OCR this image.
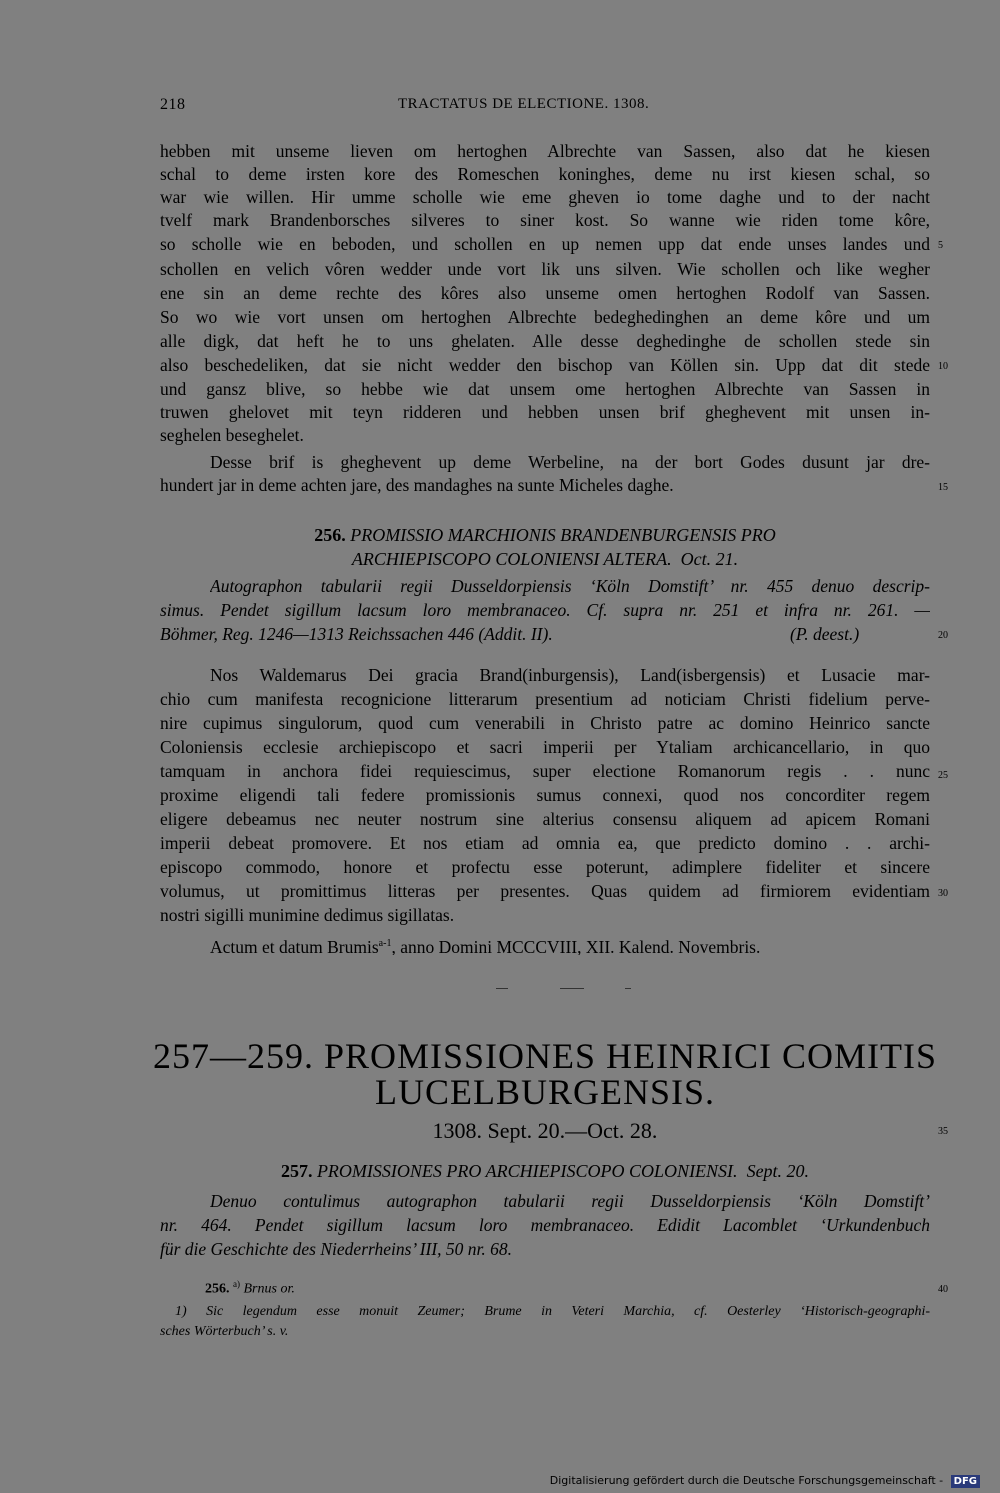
218	TRACTATUS DE ELECTIONE. 1308.
hebben mit unseme lieven om hertoghen Albrechte van Sassen, also dat he kiesen
schal to deme irsten kore des Romeschen koninghes, deme nu irst kiesen schal, so
war wie willen. Hir umme scholle wie eme gheven io tome daghe und to der nacht
tvelf mark Brandenborsches silveres to siner kost. So wanne wie riden tome kôre,
so scholle wie en beboden, und schollen en up nemen upp dat ende unses landes und
schollen en velich vôren wedder unde vort lik uns silven. Wie schollen och like wegher
ene sin an deme rechte des kôres also unseme omen hertoghen Rodolf van Sassen.
So wo wie vort unsen om hertoghen Albrechte bedeghedinghen an deme kôre und um
alle digk, dat heft he to uns ghelaten. Alle desse deghedinghe de schollen stede sin
also beschedeliken, dat sie nicht wedder den bischop van Köllen sin. Upp dat dit stede
und gansz blive, so hebbe wie dat unsem ome hertoghen Albrechte van Sassen in
truwen ghelovet mit teyn ridderen und hebben unsen brif gheghevent mit unsen in-
seghelen beseghelet.
Desse brif is gheghevent up deme Werbeline, na der bort Godes dusunt jar dre-
hundert jar in deme achten jare, des mandaghes na sunte Micheles daghe.
5
10
15
20
25
30
35
40
256. PROMISSIO MARCHIONIS BRANDENBURGENSIS PRO
ARCHIEPISCOPO COLONIENSI ALTERA. Oct. 21.
Autographon tabularii regii Dusseldorpiensis ‘Köln Domstift’ nr. 455 denuo descrip-
simus. Pendet sigillum lacsum loro membranaceo. Cf. supra nr. 251 et infra nr. 261. —
Böhmer, Reg. 1246—1313 Reichssachen 446 (Addit. II).	(P. deest.)
Nos Waldemarus Dei gracia Brand(inburgensis), Land(isbergensis) et Lusacie mar-
chio cum manifesta recognicione litterarum presentium ad noticiam Christi fidelium perve-
nire cupimus singulorum, quod cum venerabili in Christo patre ac domino Heinrico sancte
Coloniensis ecclesie archiepiscopo et sacri imperii per Ytaliam archicancellario, in quo
tamquam in anchora fidei requiescimus, super electione Romanorum regis . . nunc
proxime eligendi tali federe promissionis sumus connexi, quod nos concorditer regem
eligere debeamus nec neuter nostrum sine alterius consensu aliquem ad apicem Romani
imperii debeat promovere. Et nos etiam ad omnia ea, que predicto domino . . archi-
episcopo commodo, honore et profectu esse poterunt, adimplere fideliter et sincere
volumus, ut promittimus litteras per presentes. Quas quidem ad firmiorem evidentiam
nostri sigilli munimine dedimus sigillatas.
Actum et datum Brumis$^{a-1}$, anno Domini MCCCVIII, XII. Kalend. Novembris.
257—259. PROMISSIONES HEINRICI COMITIS
LUCELBURGENSIS.
1308. Sept. 20.—Oct. 28.
257. PROMISSIONES PRO ARCHIEPISCOPO COLONIENSI. Sept. 20.
Denuo contulimus autographon tabularii regii Dusseldorpiensis ‘Köln Domstift’
nr. 464. Pendet sigillum lacsum loro membranaceo. Edidit Lacomblet ‘Urkundenbuch
für die Geschichte des Niederrheins’ III, 50 nr. 68.
256. $^{a)}$ Brnus or.
1) Sic legendum esse monuit Zeumer; Brume in Veteri Marchia, cf. Oesterley ‘Historisch-geographi-
sches Wörterbuch’ s. v.
Digitalisierung gefördert durch die Deutsche Forschungsgemeinschaft - DFG
